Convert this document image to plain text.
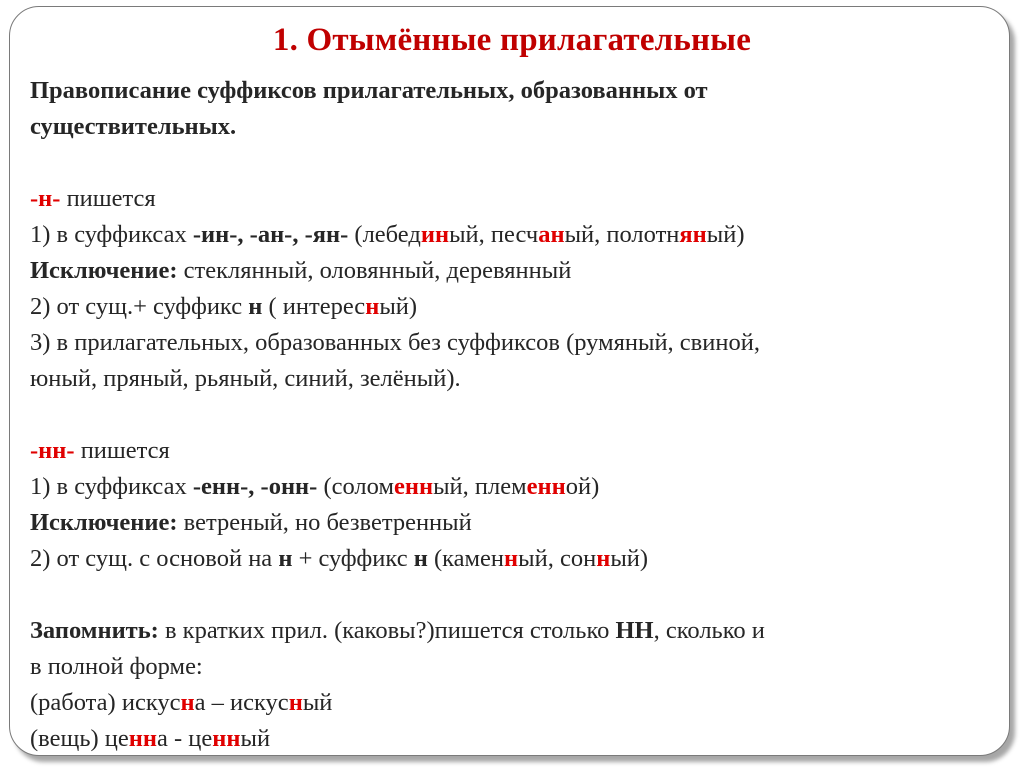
1. Отымённые прилагательные
Правописание суффиксов прилагательных, образованных от
существительных.
-н- пишется
1) в суффиксах -ин-, -ан-, -ян- (лебединый, песчаный, полотняный)
Исключение: стеклянный, оловянный, деревянный
2) от сущ.+ суффикс н ( интересный)
3) в прилагательных, образованных без суффиксов (румяный, свиной,
юный, пряный, рьяный, синий, зелёный).
-нн- пишется
1) в суффиксах -енн-, -онн- (соломенный, племенной)
Исключение: ветреный, но безветренный
2) от сущ. с основой на н + суффикс н (каменный, сонный)
Запомнить: в кратких прил. (каковы?)пишется столько НН, сколько и
в полной форме:
(работа) искусна – искусный
(вещь) ценна - ценный
